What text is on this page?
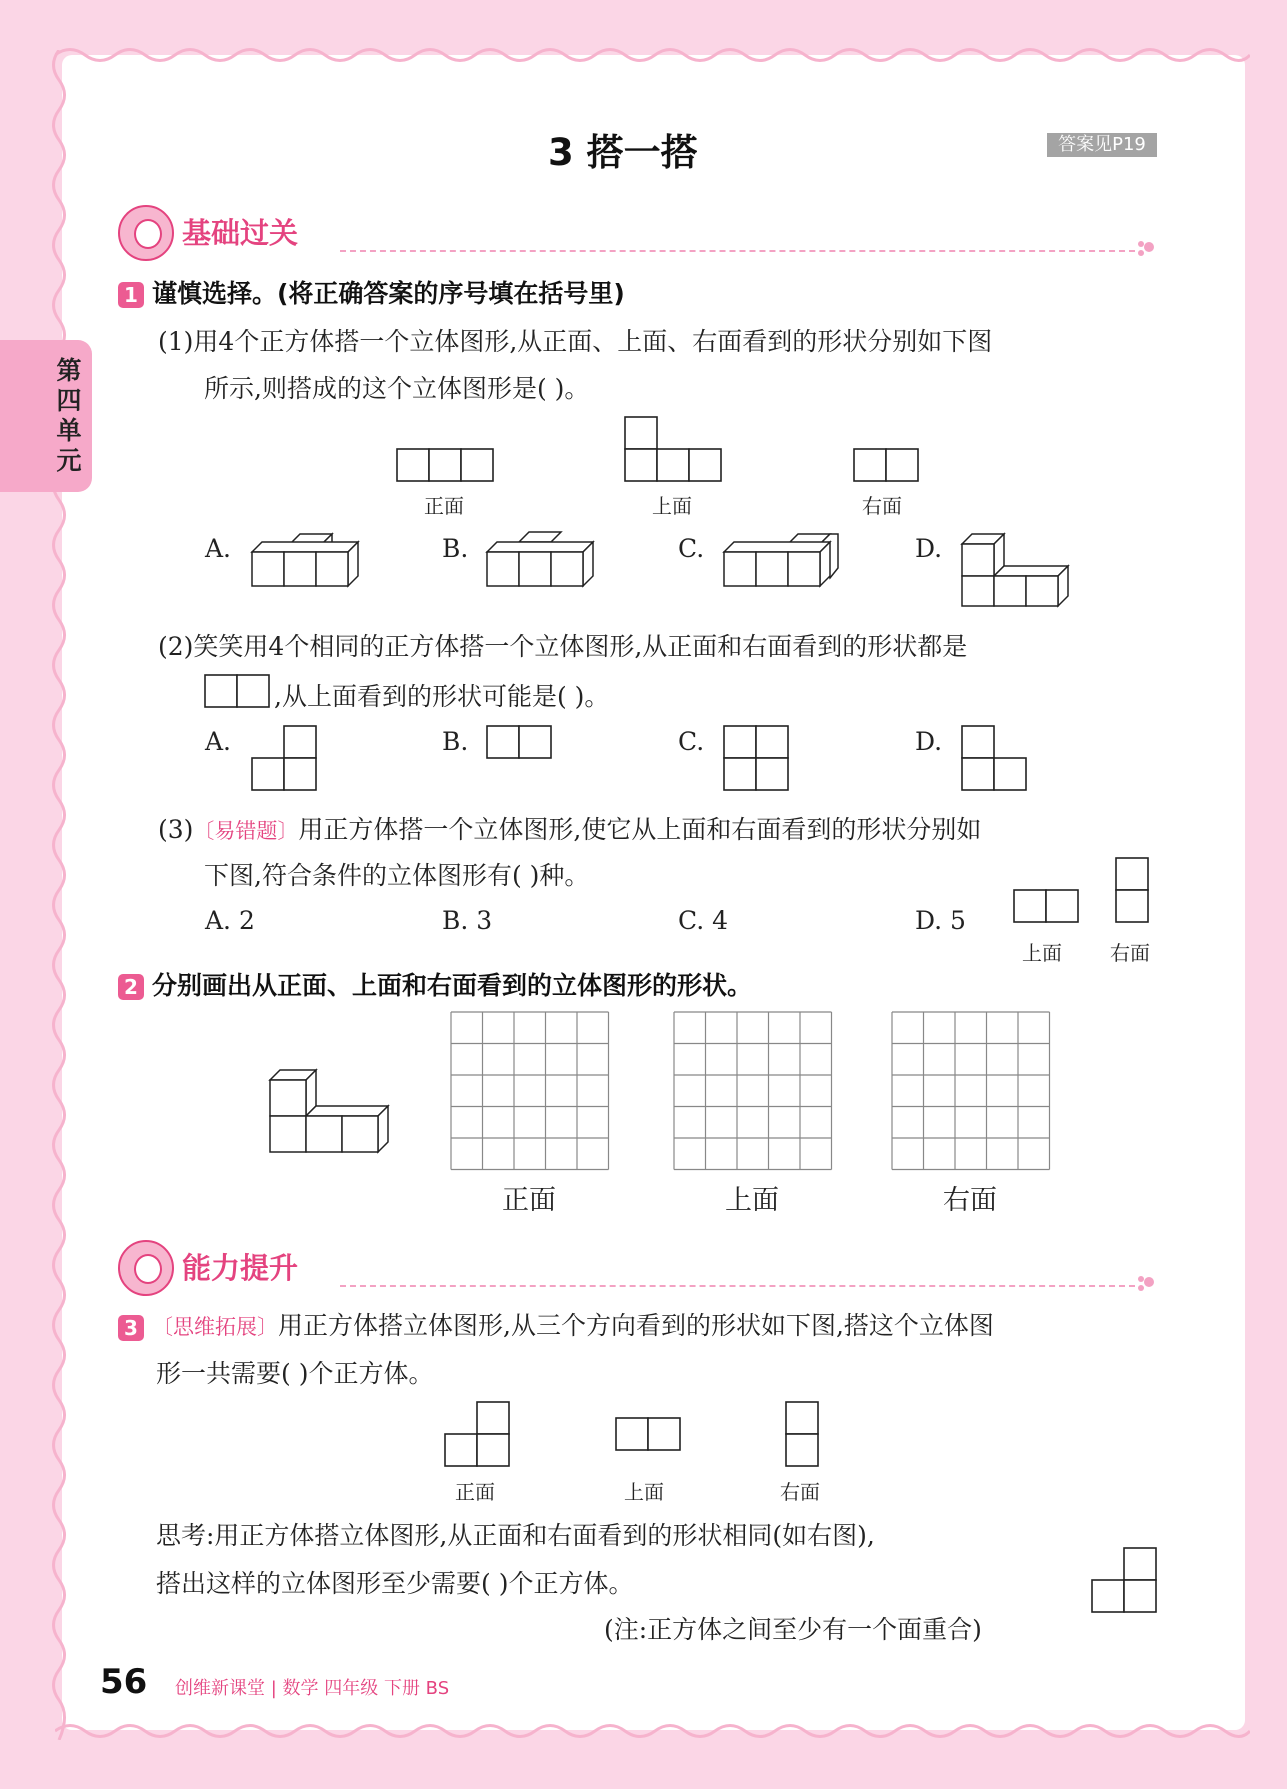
第四单元
3 搭一搭	答案见P19
基础过关
1 谨慎选择。(将正确答案的序号填在括号里)
(1)用4个正方体搭一个立体图形,从正面、上面、右面看到的形状分别如下图
所示,则搭成的这个立体图形是( )。
正面	上面	右面
A.	B.	C.	D.
(2)笑笑用4个相同的正方体搭一个立体图形,从正面和右面看到的形状都是
,从上面看到的形状可能是( )。
A.	B.	C.	D.
(3)〔易错题〕用正方体搭一个立体图形,使它从上面和右面看到的形状分别如
下图,符合条件的立体图形有( )种。
A. 2	B. 3	C. 4	D. 5
上面 右面
2 分别画出从正面、上面和右面看到的立体图形的形状。
正面	上面	右面
能力提升
3 〔思维拓展〕用正方体搭立体图形,从三个方向看到的形状如下图,搭这个立体图
形一共需要( )个正方体。
正面	上面	右面
思考:用正方体搭立体图形,从正面和右面看到的形状相同(如右图),
搭出这样的立体图形至少需要( )个正方体。
(注:正方体之间至少有一个面重合)
56 创维新课堂 | 数学 四年级 下册 BS
